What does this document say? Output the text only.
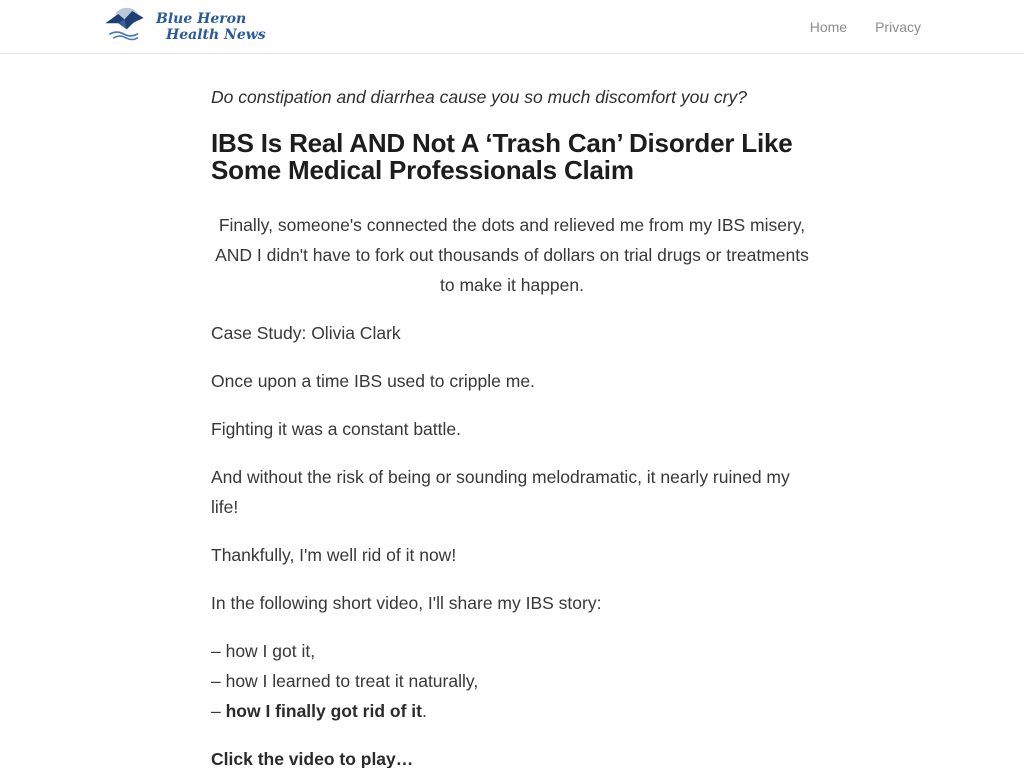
Blue Heron
Health News	Home Privacy

Do constipation and diarrhea cause you so much discomfort you cry?

IBS Is Real AND Not A ‘Trash Can’ Disorder Like Some Medical Professionals Claim

Finally, someone's connected the dots and relieved me from my IBS misery, AND I didn't have to fork out thousands of dollars on trial drugs or treatments to make it happen.

Case Study: Olivia Clark

Once upon a time IBS used to cripple me.

Fighting it was a constant battle.

And without the risk of being or sounding melodramatic, it nearly ruined my life!

Thankfully, I'm well rid of it now!

In the following short video, I'll share my IBS story:

– how I got it,
– how I learned to treat it naturally,
– how I finally got rid of it.

Click the video to play…
